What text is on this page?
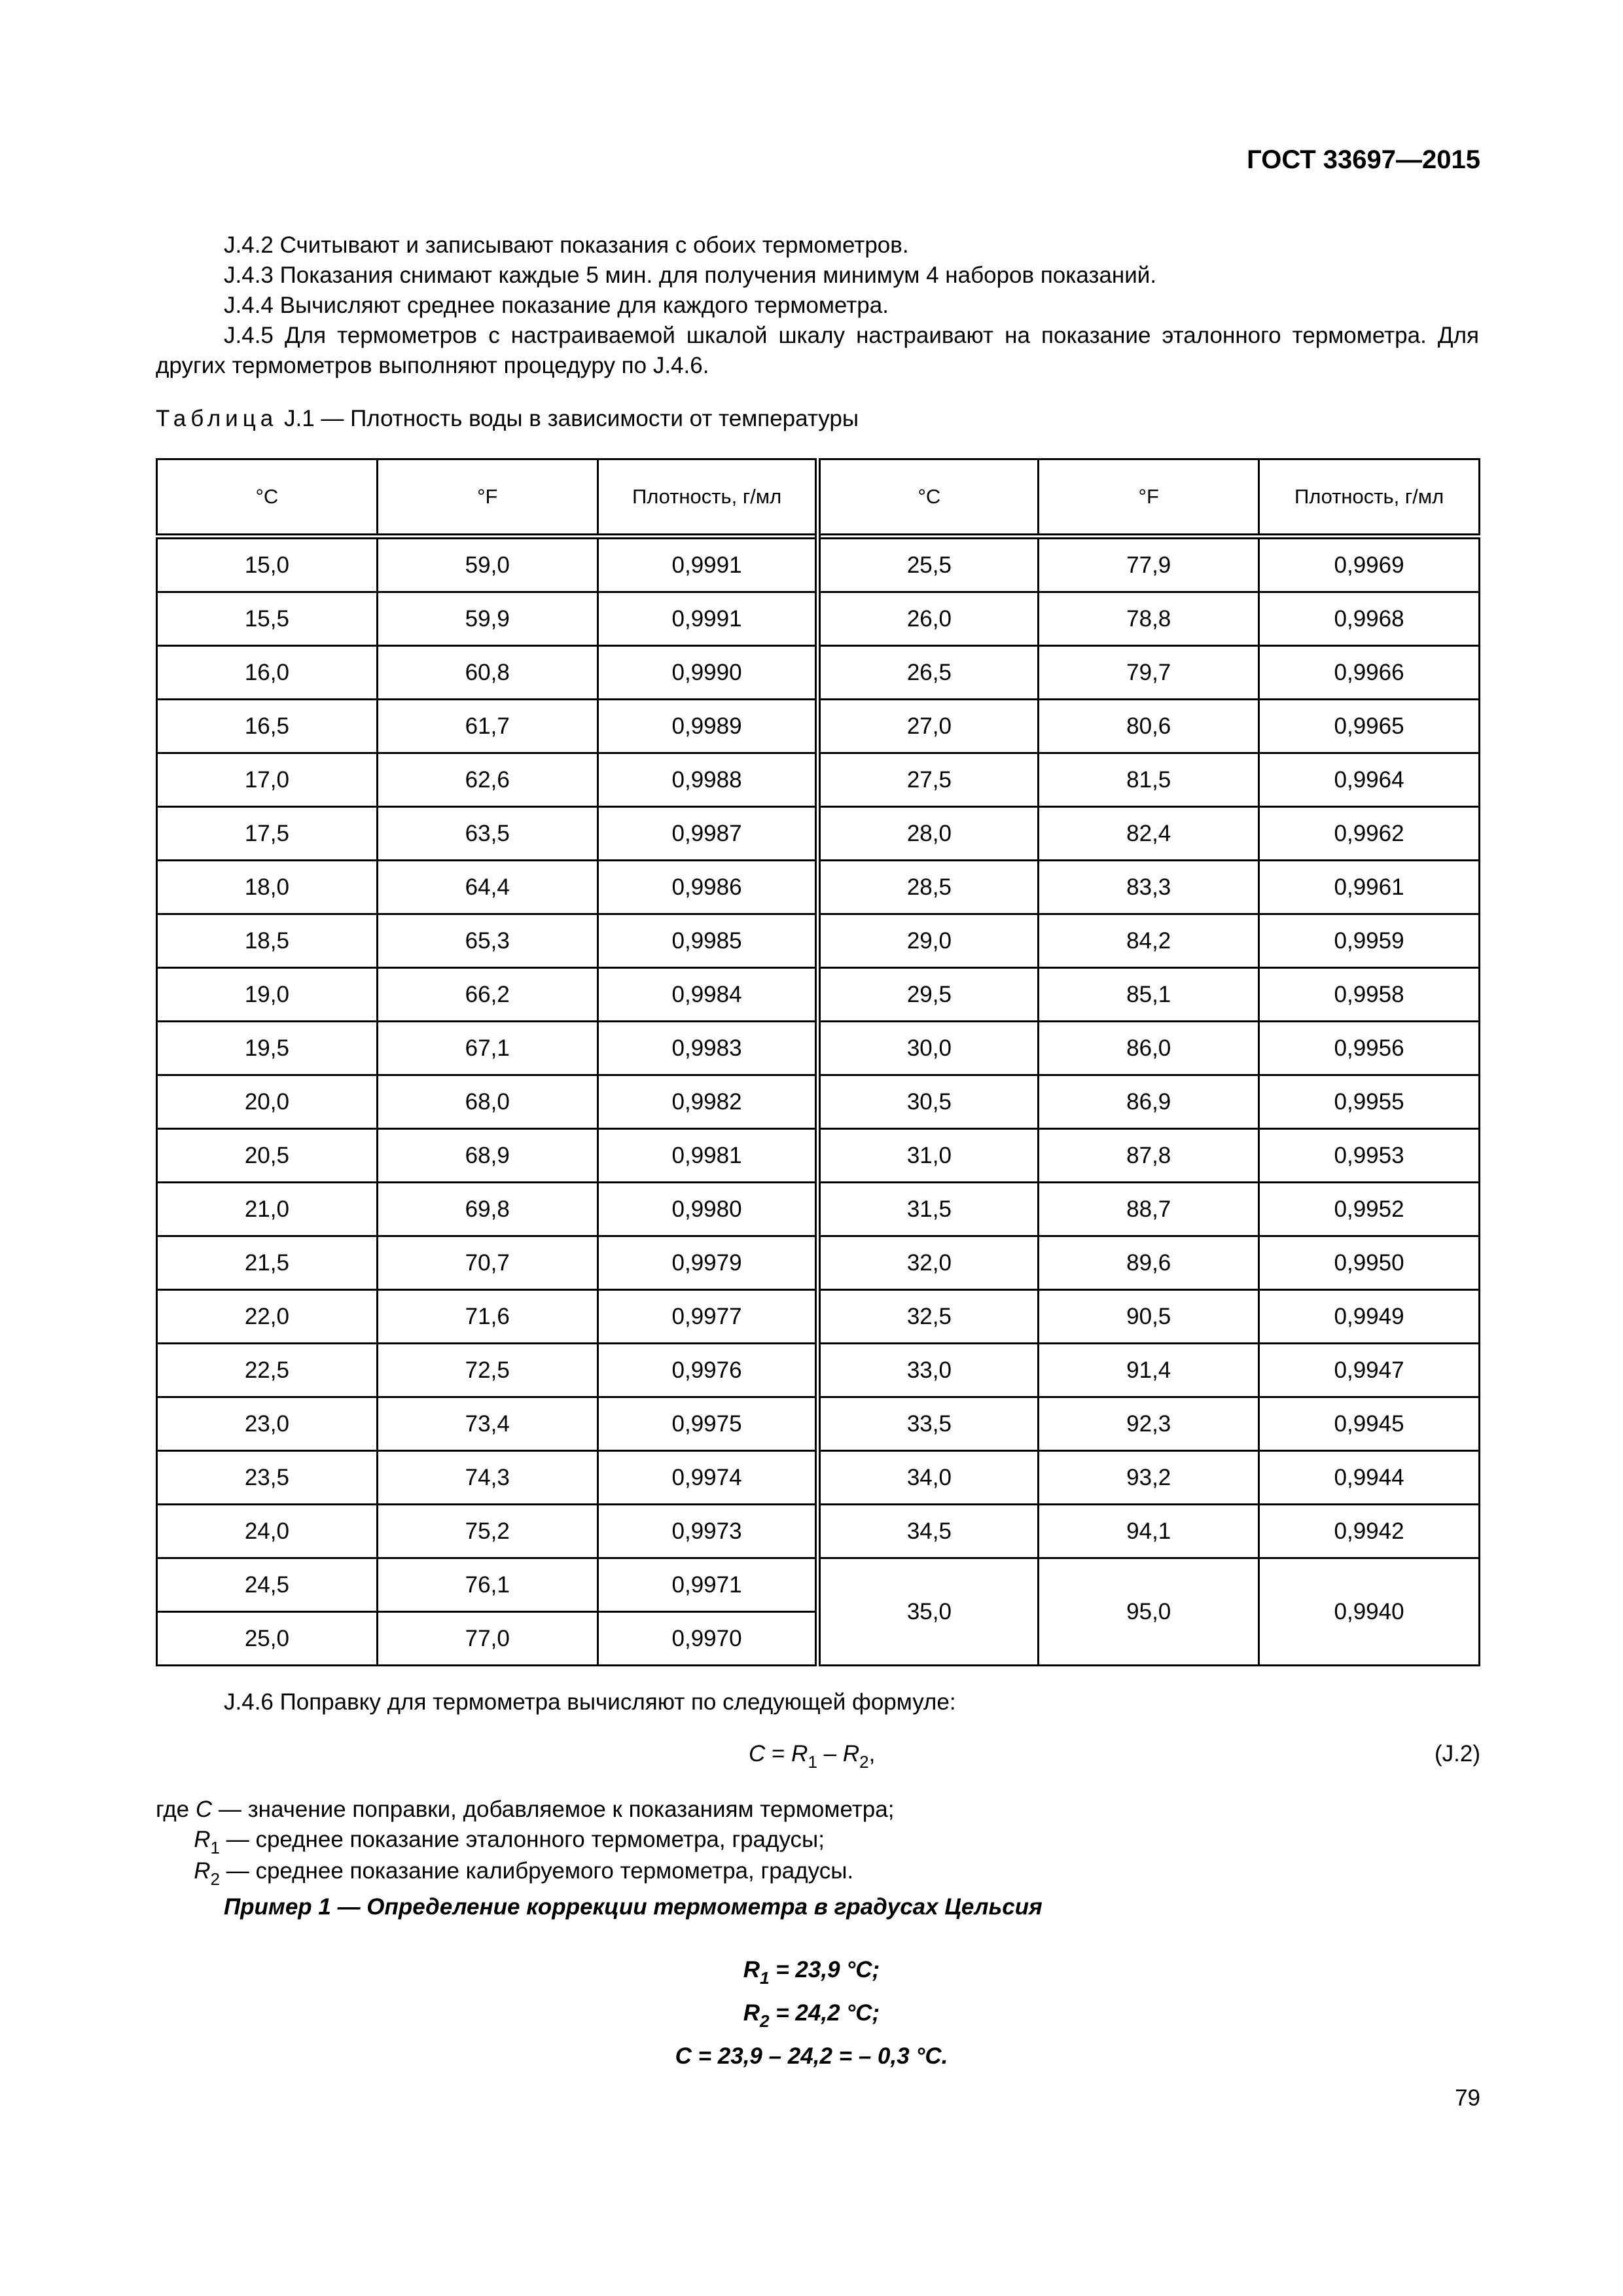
ГОСТ 33697—2015
J.4.2 Считывают и записывают показания с обоих термометров.
J.4.3 Показания снимают каждые 5 мин. для получения минимум 4 наборов показаний.
J.4.4 Вычисляют среднее показание для каждого термометра.
J.4.5 Для термометров с настраиваемой шкалой шкалу настраивают на показание эталонного термометра. Для других термометров выполняют процедуру по J.4.6.
Таблица J.1 — Плотность воды в зависимости от температуры
°C	°F	Плотность, г/мл	°C	°F	Плотность, г/мл
15,0	59,0	0,9991	25,5	77,9	0,9969
15,5	59,9	0,9991	26,0	78,8	0,9968
16,0	60,8	0,9990	26,5	79,7	0,9966
16,5	61,7	0,9989	27,0	80,6	0,9965
17,0	62,6	0,9988	27,5	81,5	0,9964
17,5	63,5	0,9987	28,0	82,4	0,9962
18,0	64,4	0,9986	28,5	83,3	0,9961
18,5	65,3	0,9985	29,0	84,2	0,9959
19,0	66,2	0,9984	29,5	85,1	0,9958
19,5	67,1	0,9983	30,0	86,0	0,9956
20,0	68,0	0,9982	30,5	86,9	0,9955
20,5	68,9	0,9981	31,0	87,8	0,9953
21,0	69,8	0,9980	31,5	88,7	0,9952
21,5	70,7	0,9979	32,0	89,6	0,9950
22,0	71,6	0,9977	32,5	90,5	0,9949
22,5	72,5	0,9976	33,0	91,4	0,9947
23,0	73,4	0,9975	33,5	92,3	0,9945
23,5	74,3	0,9974	34,0	93,2	0,9944
24,0	75,2	0,9973	34,5	94,1	0,9942
24,5	76,1	0,9971	35,0	95,0	0,9940
25,0	77,0	0,9970			
J.4.6 Поправку для термометра вычисляют по следующей формуле:
$C = R_1 - R_2$,	(J.2)
где C — значение поправки, добавляемое к показаниям термометра;
$R_1$ — среднее показание эталонного термометра, градусы;
$R_2$ — среднее показание калибруемого термометра, градусы.
Пример 1 — Определение коррекции термометра в градусах Цельсия
$R_1 = 23,9$ °C;
$R_2 = 24,2$ °C;
C = 23,9 – 24,2 = – 0,3 °C.
79
